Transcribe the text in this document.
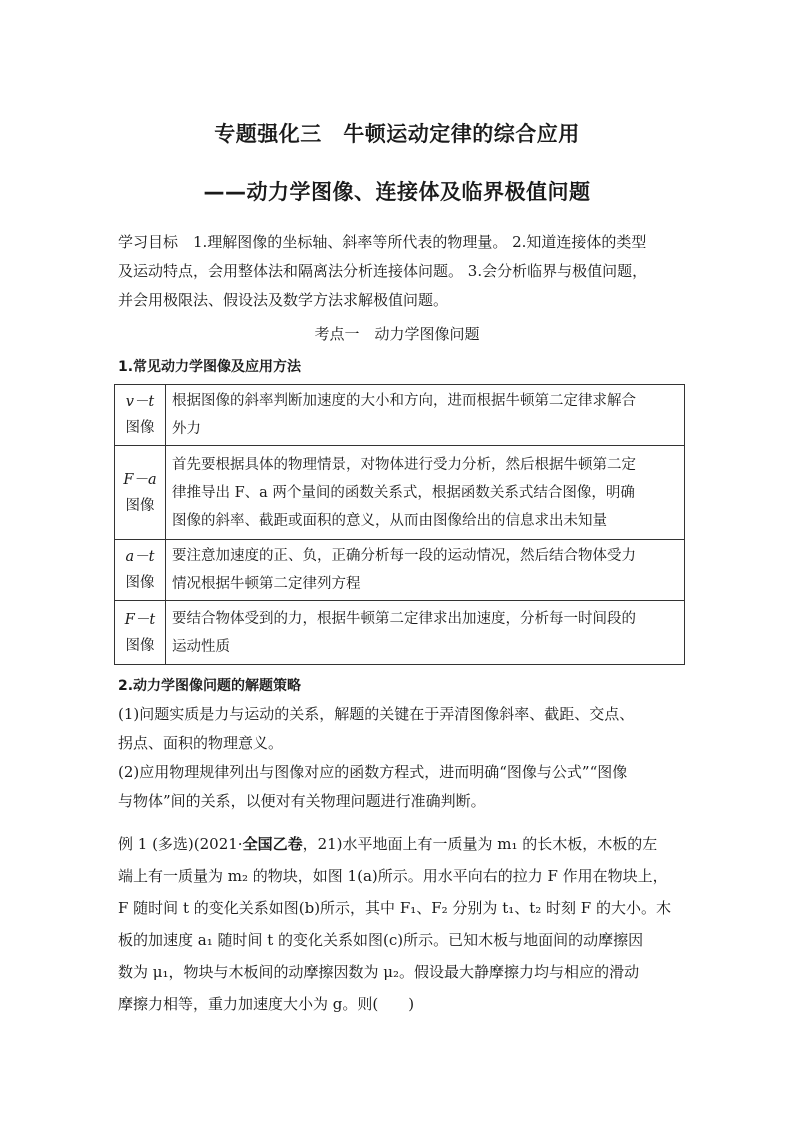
专题强化三　牛顿运动定律的综合应用
——动力学图像、连接体及临界极值问题
学习目标　1.理解图像的坐标轴、斜率等所代表的物理量。 2.知道连接体的类型
及运动特点，会用整体法和隔离法分析连接体问题。 3.会分析临界与极值问题，
并会用极限法、假设法及数学方法求解极值问题。
考点一　动力学图像问题
1.常见动力学图像及应用方法
v－t
图像	根据图像的斜率判断加速度的大小和方向，进而根据牛顿第二定律求解合
外力

F－a
图像	首先要根据具体的物理情景，对物体进行受力分析，然后根据牛顿第二定
律推导出 F、a 两个量间的函数关系式，根据函数关系式结合图像，明确
图像的斜率、截距或面积的意义，从而由图像给出的信息求出未知量

a－t
图像	要注意加速度的正、负，正确分析每一段的运动情况，然后结合物体受力
情况根据牛顿第二定律列方程

F－t
图像	要结合物体受到的力，根据牛顿第二定律求出加速度，分析每一时间段的
运动性质
2.动力学图像问题的解题策略
(1)问题实质是力与运动的关系，解题的关键在于弄清图像斜率、截距、交点、
拐点、面积的物理意义。
(2)应用物理规律列出与图像对应的函数方程式，进而明确“图像与公式”“图像
与物体”间的关系，以便对有关物理问题进行准确判断。
例 1 (多选)(2021·全国乙卷，21)水平地面上有一质量为 m₁ 的长木板，木板的左
端上有一质量为 m₂ 的物块，如图 1(a)所示。用水平向右的拉力 F 作用在物块上，
F 随时间 t 的变化关系如图(b)所示，其中 F₁、F₂ 分别为 t₁、t₂ 时刻 F 的大小。木
板的加速度 a₁ 随时间 t 的变化关系如图(c)所示。已知木板与地面间的动摩擦因
数为 μ₁，物块与木板间的动摩擦因数为 μ₂。假设最大静摩擦力均与相应的滑动
摩擦力相等，重力加速度大小为 g。则(　　)
